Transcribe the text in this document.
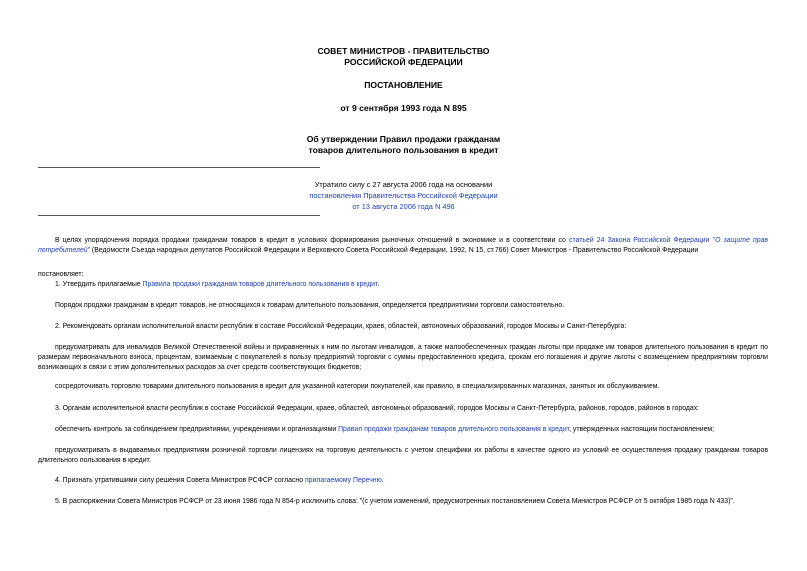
СОВЕТ МИНИСТРОВ - ПРАВИТЕЛЬСТВО
РОССИЙСКОЙ ФЕДЕРАЦИИ
ПОСТАНОВЛЕНИЕ
от 9 сентября 1993 года N 895
Об утверждении Правил продажи гражданам
товаров длительного пользования в кредит
Утратило силу с 27 августа 2006 года на основании
постановления Правительства Российской Федерации
от 13 августа 2006 года N 496
В целях упорядочения порядка продажи гражданам товаров в кредит в условиях формирования рыночных отношений в экономике и в соответствии со статьей 24 Закона Российской Федерации "О защите прав потребителей" (Ведомости Съезда народных депутатов Российской Федерации и Верховного Совета Российской Федерации, 1992, N 15, ст.766) Совет Министров - Правительство Российской Федерации
постановляет:
1. Утвердить прилагаемые Правила продажи гражданам товаров длительного пользования в кредит.
Порядок продажи гражданам в кредит товаров, не относящихся к товарам длительного пользования, определяется предприятиями торговли самостоятельно.
2. Рекомендовать органам исполнительной власти республик в составе Российской Федерации, краев, областей, автономных образований, городов Москвы и Санкт-Петербурга:
предусматривать для инвалидов Великой Отечественной войны и приравненных к ним по льготам инвалидов, а также малообеспеченных граждан льготы при продаже им товаров длительного пользования в кредит по размерам первоначального взноса, процентам, взимаемым с покупателей в пользу предприятий торговли с суммы предоставленного кредита, срокам его погашения и другие льготы с возмещением предприятиям торговли возникающих в связи с этим дополнительных расходов за счет средств соответствующих бюджетов;
сосредоточивать торговлю товарами длительного пользования в кредит для указанной категории покупателей, как правило, в специализированных магазинах, занятых их обслуживанием.
3. Органам исполнительной власти республик в составе Российской Федерации, краев, областей, автономных образований, городов Москвы и Санкт-Петербурга, районов, городов, районов в городах:
обеспечить контроль за соблюдением предприятиями, учреждениями и организациями Правил продажи гражданам товаров длительного пользования в кредит, утвержденных настоящим постановлением;
предусматривать в выдаваемых предприятиям розничной торговли лицензиях на торговую деятельность с учетом специфики их работы в качестве одного из условий ее осуществления продажу гражданам товаров длительного пользования в кредит.
4. Признать утратившими силу решения Совета Министров РСФСР согласно прилагаемому Перечню.
5. В распоряжении Совета Министров РСФСР от 23 июня 1986 года N 854-р исключить слова: "(с учетом изменений, предусмотренных постановлением Совета Министров РСФСР от 5 октября 1985 года N 433)".
